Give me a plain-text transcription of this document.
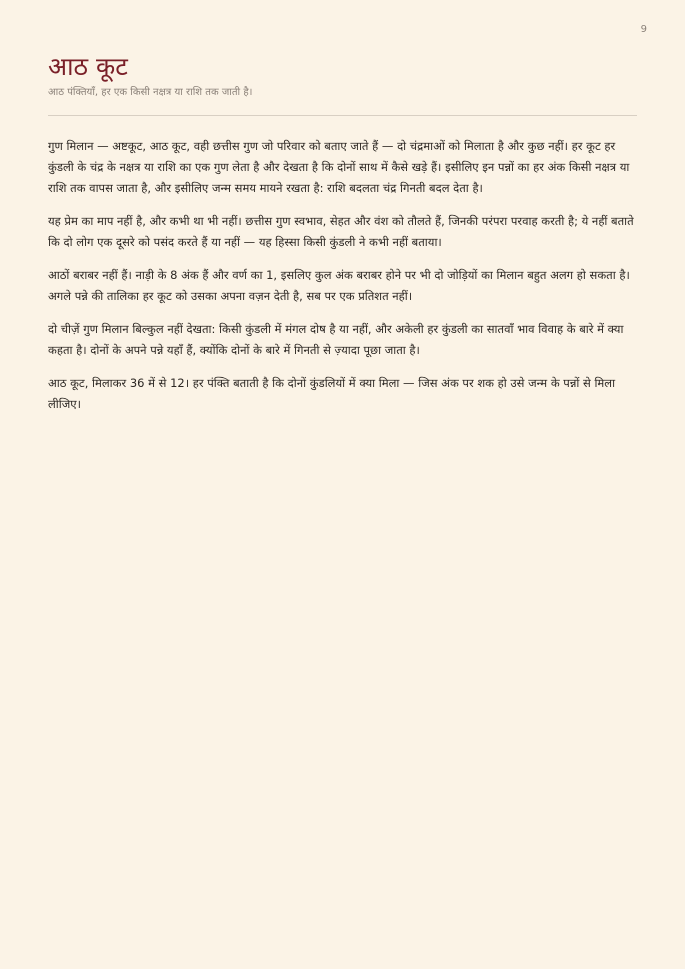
9
आठ कूट

आठ पंक्तियाँ, हर एक किसी नक्षत्र या राशि तक जाती है।

गुण मिलान — अष्टकूट, आठ कूट, वही छत्तीस गुण जो परिवार को बताए जाते हैं — दो चंद्रमाओं को मिलाता है और कुछ नहीं। हर कूट हर कुंडली के चंद्र के नक्षत्र या राशि का एक गुण लेता है और देखता है कि दोनों साथ में कैसे खड़े हैं। इसीलिए इन पन्नों का हर अंक किसी नक्षत्र या राशि तक वापस जाता है, और इसीलिए जन्म समय मायने रखता है: राशि बदलता चंद्र गिनती बदल देता है।

यह प्रेम का माप नहीं है, और कभी था भी नहीं। छत्तीस गुण स्वभाव, सेहत और वंश को तौलते हैं, जिनकी परंपरा परवाह करती है; ये नहीं बताते कि दो लोग एक दूसरे को पसंद करते हैं या नहीं — यह हिस्सा किसी कुंडली ने कभी नहीं बताया।

आठों बराबर नहीं हैं। नाड़ी के 8 अंक हैं और वर्ण का 1, इसलिए कुल अंक बराबर होने पर भी दो जोड़ियों का मिलान बहुत अलग हो सकता है। अगले पन्ने की तालिका हर कूट को उसका अपना वज़न देती है, सब पर एक प्रतिशत नहीं।

दो चीज़ें गुण मिलान बिल्कुल नहीं देखता: किसी कुंडली में मंगल दोष है या नहीं, और अकेली हर कुंडली का सातवाँ भाव विवाह के बारे में क्या कहता है। दोनों के अपने पन्ने यहाँ हैं, क्योंकि दोनों के बारे में गिनती से ज़्यादा पूछा जाता है।

आठ कूट, मिलाकर 36 में से 12। हर पंक्ति बताती है कि दोनों कुंडलियों में क्या मिला — जिस अंक पर शक हो उसे जन्म के पन्नों से मिला लीजिए।
